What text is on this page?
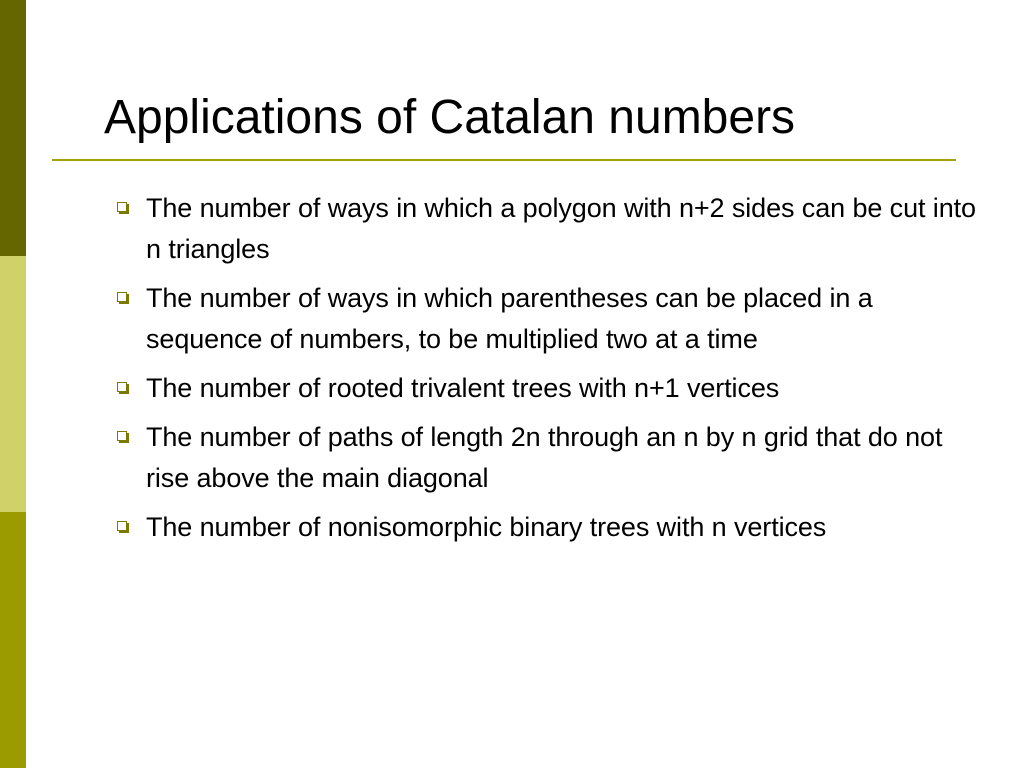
Applications of Catalan numbers
The number of ways in which a polygon with n+2 sides can be cut into n triangles
The number of ways in which parentheses can be placed in a sequence of numbers, to be multiplied two at a time
The number of rooted trivalent trees with n+1 vertices
The number of paths of length 2n through an n by n grid that do not rise above the main diagonal
The number of nonisomorphic binary trees with n vertices
